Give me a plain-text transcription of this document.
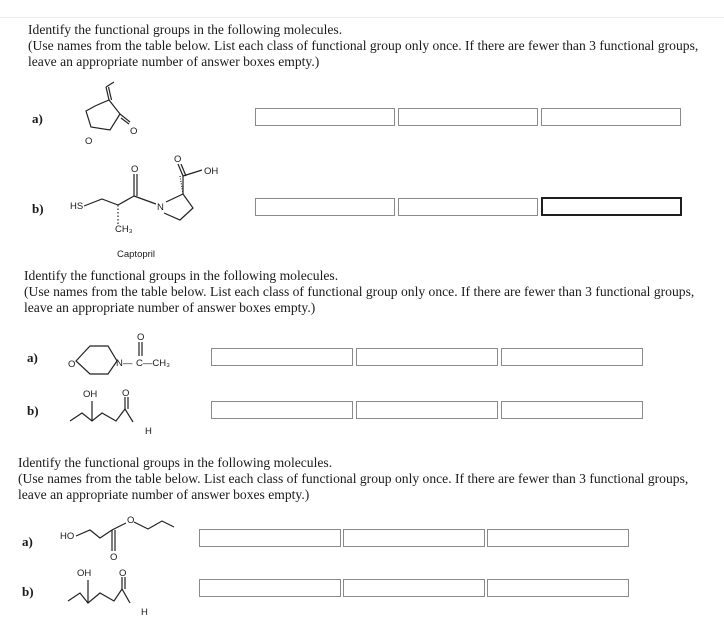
Identify the functional groups in the following molecules.

(Use names from the table below. List each class of functional group only once. If there are fewer than 3 functional groups,

leave an appropriate number of answer boxes empty.)

a)
O
O
b)	HS
O
CH₃
N
O
OH
Captopril

Identify the functional groups in the following molecules.

(Use names from the table below. List each class of functional group only once. If there are fewer than 3 functional groups,

leave an appropriate number of answer boxes empty.)

a)	O	N— C—CH₃
O
b)
OH	O
H

Identify the functional groups in the following molecules.

(Use names from the table below. List each class of functional group only once. If there are fewer than 3 functional groups,

leave an appropriate number of answer boxes empty.)

a)	HO
O
O
b)
OH	O
H
